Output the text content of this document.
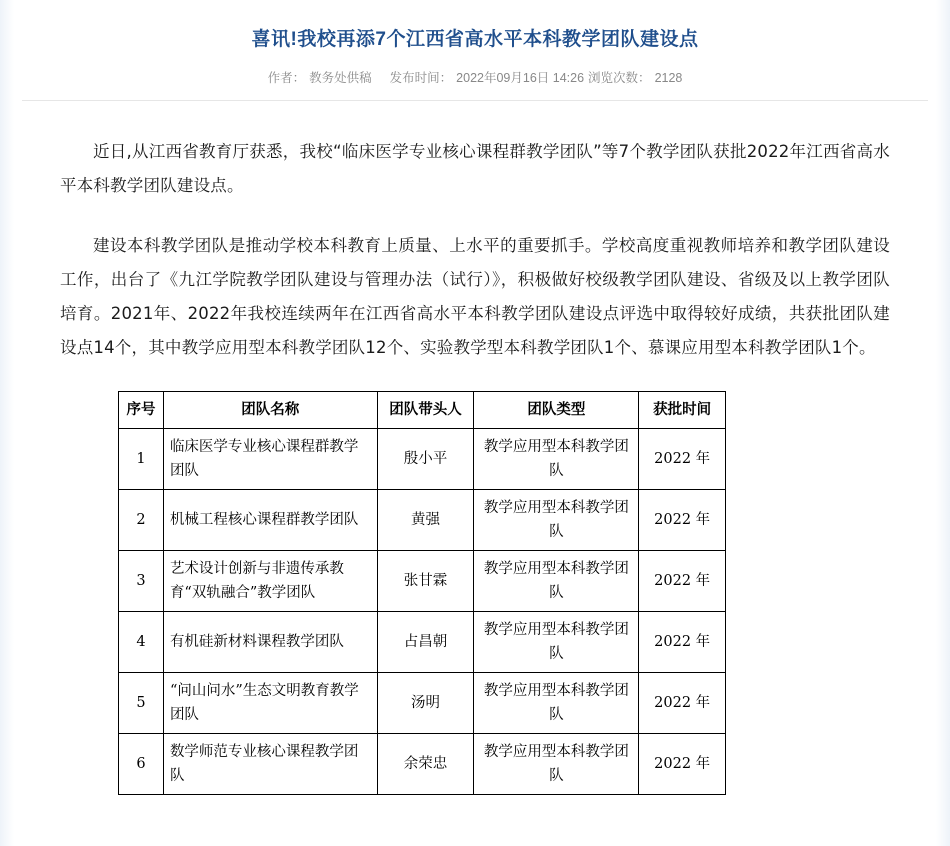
喜讯!我校再添7个江西省高水平本科教学团队建设点
作者： 教务处供稿 发布时间： 2022年09月16日 14:26 浏览次数： 2128

近日,从江西省教育厅获悉，我校“临床医学专业核心课程群教学团队”等7个教学团队获批2022年江西省高水平本科教学团队建设点。

建设本科教学团队是推动学校本科教育上质量、上水平的重要抓手。学校高度重视教师培养和教学团队建设工作，出台了《九江学院教学团队建设与管理办法（试行）》，积极做好校级教学团队建设、省级及以上教学团队培育。2021年、2022年我校连续两年在江西省高水平本科教学团队建设点评选中取得较好成绩，共获批团队建设点14个，其中教学应用型本科教学团队12个、实验教学型本科教学团队1个、慕课应用型本科教学团队1个。

序号	团队名称	团队带头人	团队类型	获批时间
1	临床医学专业核心课程群教学团队	殷小平	教学应用型本科教学团队	2022 年
2	机械工程核心课程群教学团队	黄强	教学应用型本科教学团队	2022 年
3	艺术设计创新与非遗传承教育“双轨融合”教学团队	张甘霖	教学应用型本科教学团队	2022 年
4	有机硅新材料课程教学团队	占昌朝	教学应用型本科教学团队	2022 年
5	“问山问水”生态文明教育教学团队	汤明	教学应用型本科教学团队	2022 年
6	数学师范专业核心课程教学团队	余荣忠	教学应用型本科教学团队	2022 年
